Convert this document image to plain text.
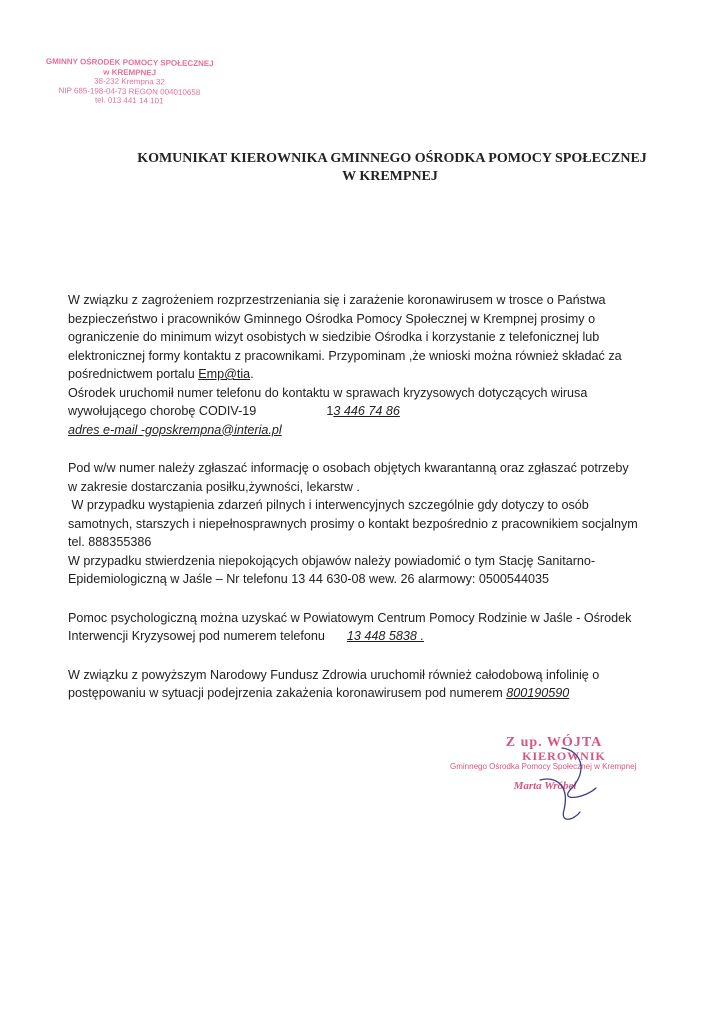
GMINNY OŚRODEK POMOCY SPOŁECZNEJ
w KREMPNEJ
38-232 Krempna 32
NIP 685-198-04-73 REGON 004010658
tel. 013 441 14 101
KOMUNIKAT KIEROWNIKA GMINNEGO OŚRODKA POMOCY SPOŁECZNEJ
W KREMPNEJ

W związku z zagrożeniem rozprzestrzeniania się i zarażenie koronawirusem w trosce o Państwa

bezpieczeństwo i pracowników Gminnego Ośrodka Pomocy Społecznej w Krempnej prosimy o

ograniczenie do minimum wizyt osobistych w siedzibie Ośrodka i korzystanie z telefonicznej lub

elektronicznej formy kontaktu z pracownikami. Przypominam ,że wnioski można również składać za

pośrednictwem portalu Emp@tia.

Ośrodek uruchomił numer telefonu do kontaktu w sprawach kryzysowych dotyczących wirusa

wywołującego chorobę CODIV-19	13 446 74 86

adres e-mail -gopskrempna@interia.pl

Pod w/w numer należy zgłaszać informację o osobach objętych kwarantanną oraz zgłaszać potrzeby

w zakresie dostarczania posiłku,żywności, lekarstw .

W przypadku wystąpienia zdarzeń pilnych i interwencyjnych szczególnie gdy dotyczy to osób

samotnych, starszych i niepełnosprawnych prosimy o kontakt bezpośrednio z pracownikiem socjalnym

tel. 888355386

W przypadku stwierdzenia niepokojących objawów należy powiadomić o tym Stację Sanitarno-

Epidemiologiczną w Jaśle – Nr telefonu 13 44 630-08 wew. 26 alarmowy: 0500544035

Pomoc psychologiczną można uzyskać w Powiatowym Centrum Pomocy Rodzinie w Jaśle - Ośrodek

Interwencji Kryzysowej pod numerem telefonu 13 448 5838 .

W związku z powyższym Narodowy Fundusz Zdrowia uruchomił również całodobową infolinię o

postępowaniu w sytuacji podejrzenia zakażenia koronawirusem pod numerem 800190590

Z up. WÓJTA
KIEROWNIK
Gminnego Ośrodka Pomocy Społecznej w Krempnej
Marta Wróbel
